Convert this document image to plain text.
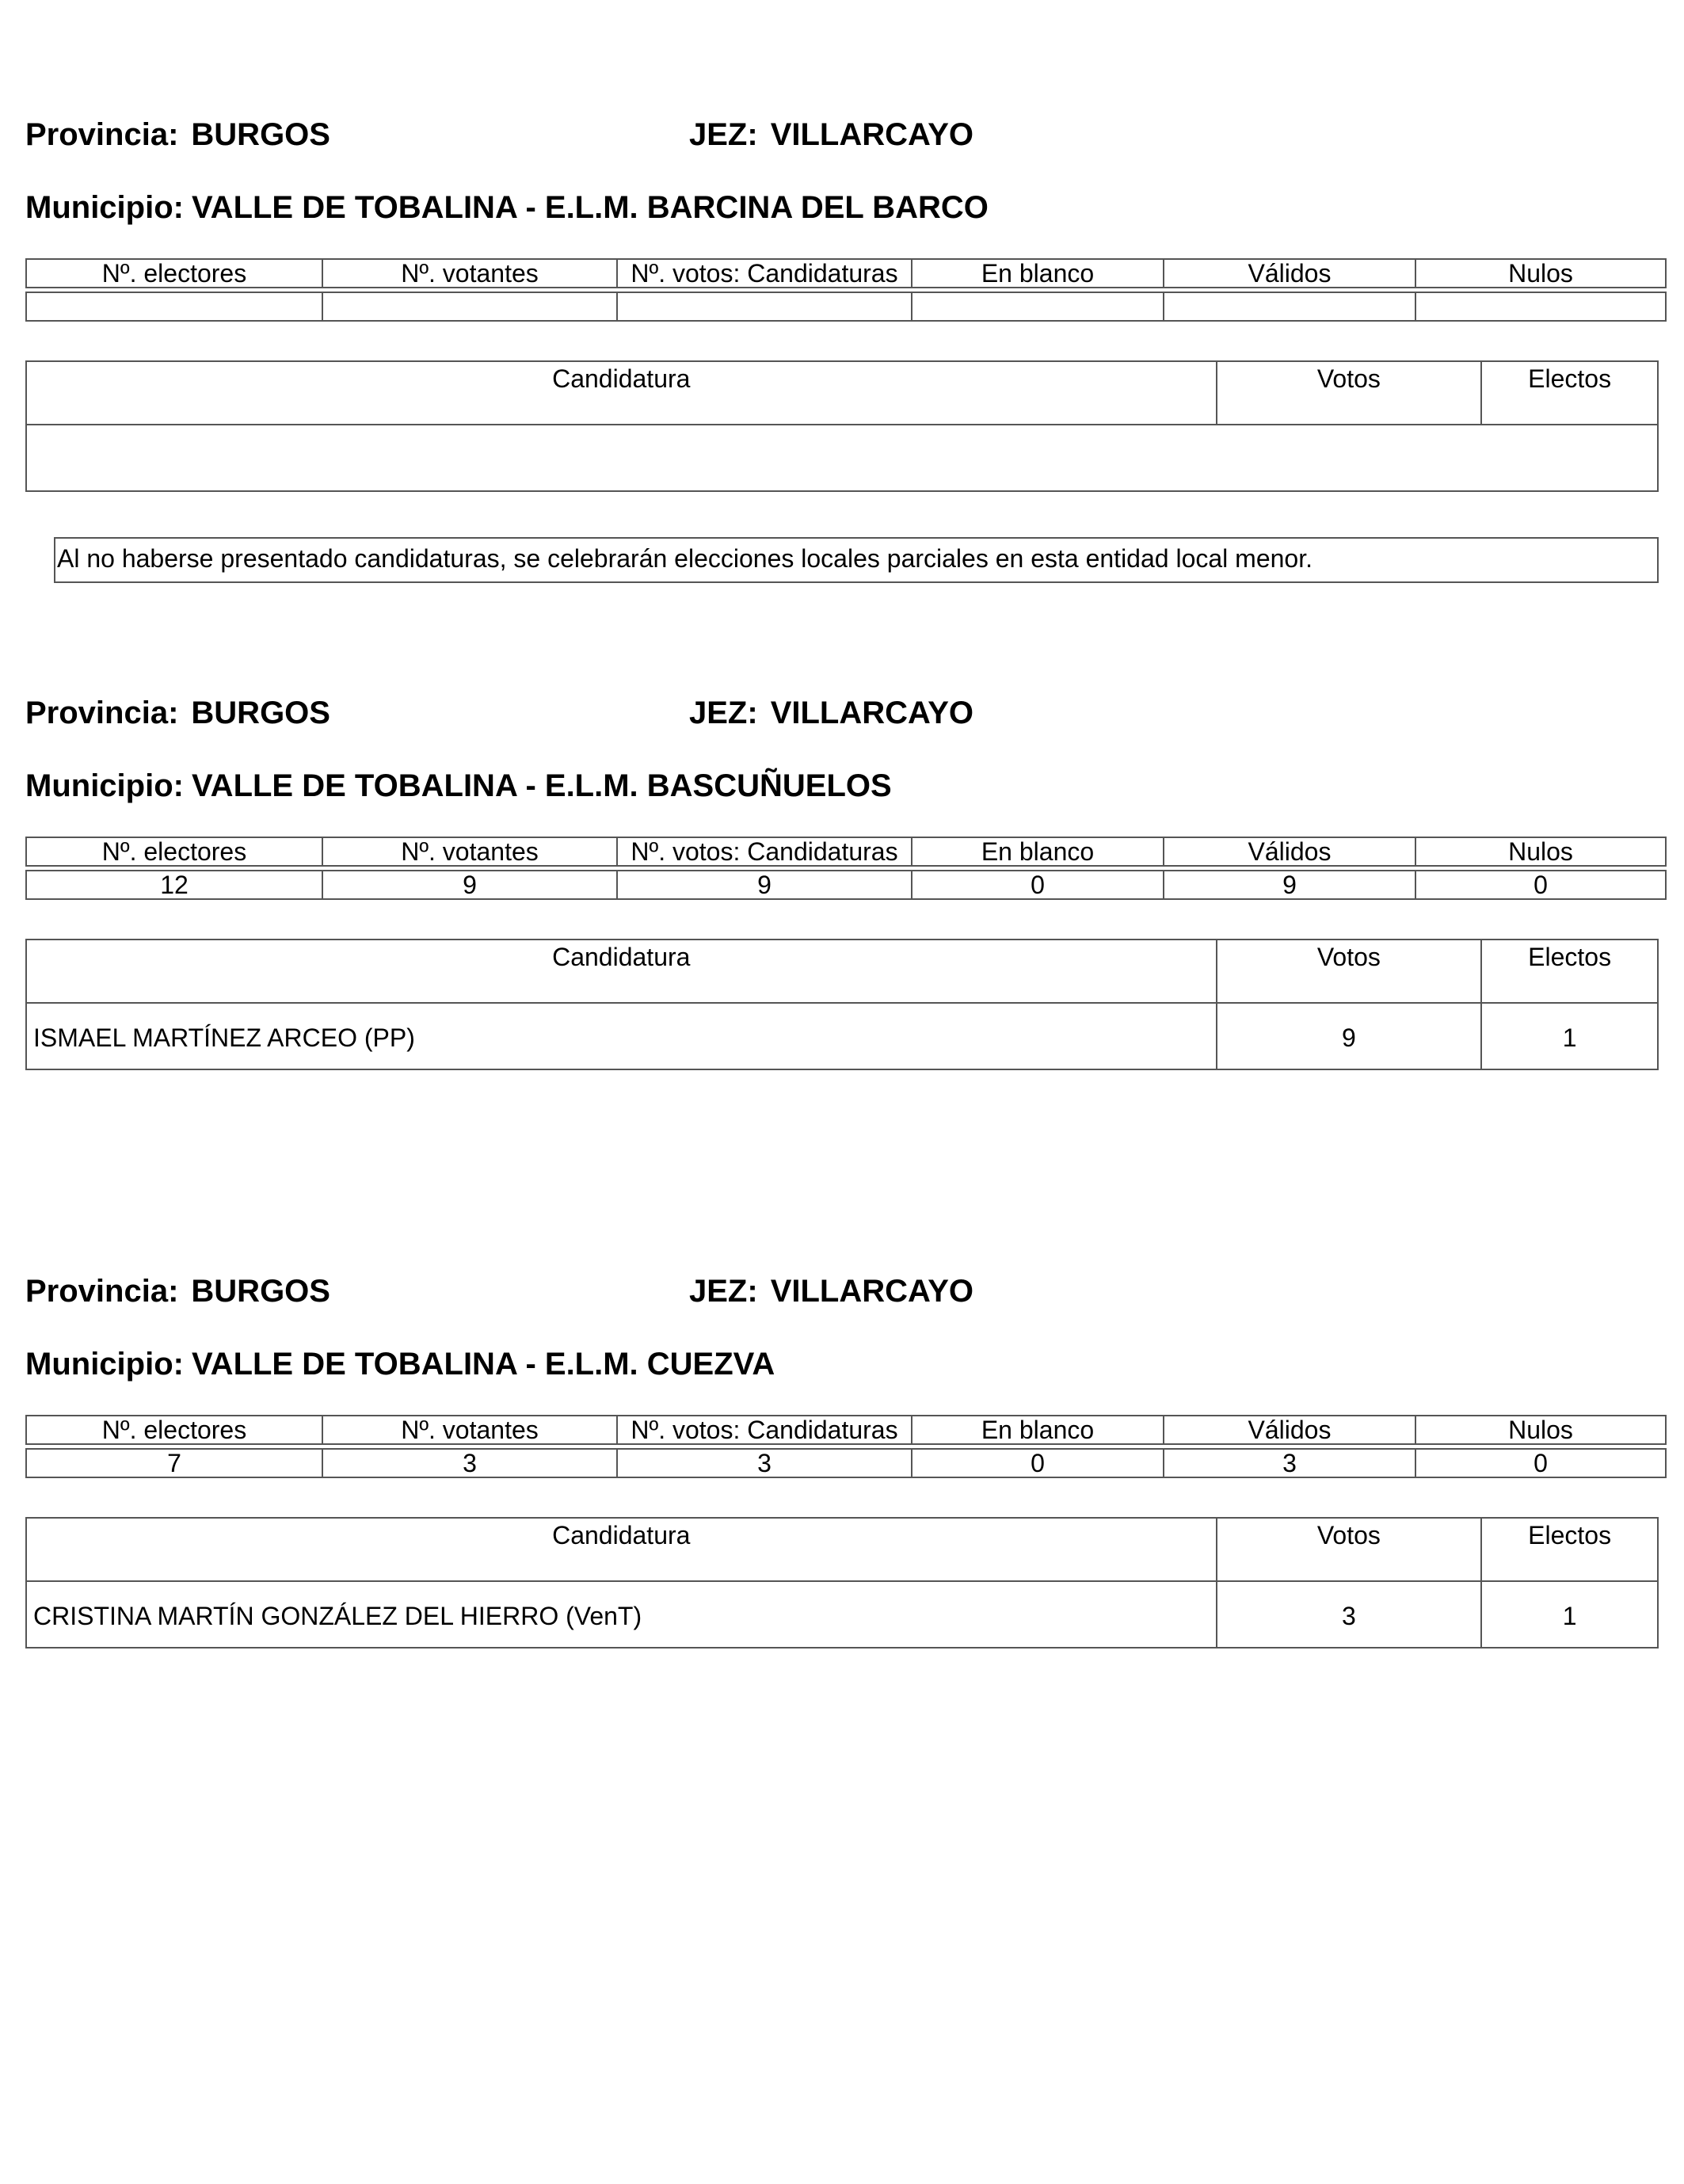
Provincia: BURGOS	JEZ: VILLARCAYO
Municipio: VALLE DE TOBALINA - E.L.M. BARCINA DEL BARCO
Nº. electores	Nº. votantes	Nº. votos: Candidaturas	En blanco	Válidos	Nulos
Candidatura	Votos	Electos
Al no haberse presentado candidaturas, se celebrarán elecciones locales parciales en esta entidad local menor.
Provincia: BURGOS	JEZ: VILLARCAYO
Municipio: VALLE DE TOBALINA - E.L.M. BASCUÑUELOS
Nº. electores	Nº. votantes	Nº. votos: Candidaturas	En blanco	Válidos	Nulos
12	9	9	0	9	0
Candidatura	Votos	Electos
ISMAEL MARTÍNEZ ARCEO (PP)	9	1
Provincia: BURGOS	JEZ: VILLARCAYO
Municipio: VALLE DE TOBALINA - E.L.M. CUEZVA
Nº. electores	Nº. votantes	Nº. votos: Candidaturas	En blanco	Válidos	Nulos
7	3	3	0	3	0
Candidatura	Votos	Electos
CRISTINA MARTÍN GONZÁLEZ DEL HIERRO (VenT)	3	1
